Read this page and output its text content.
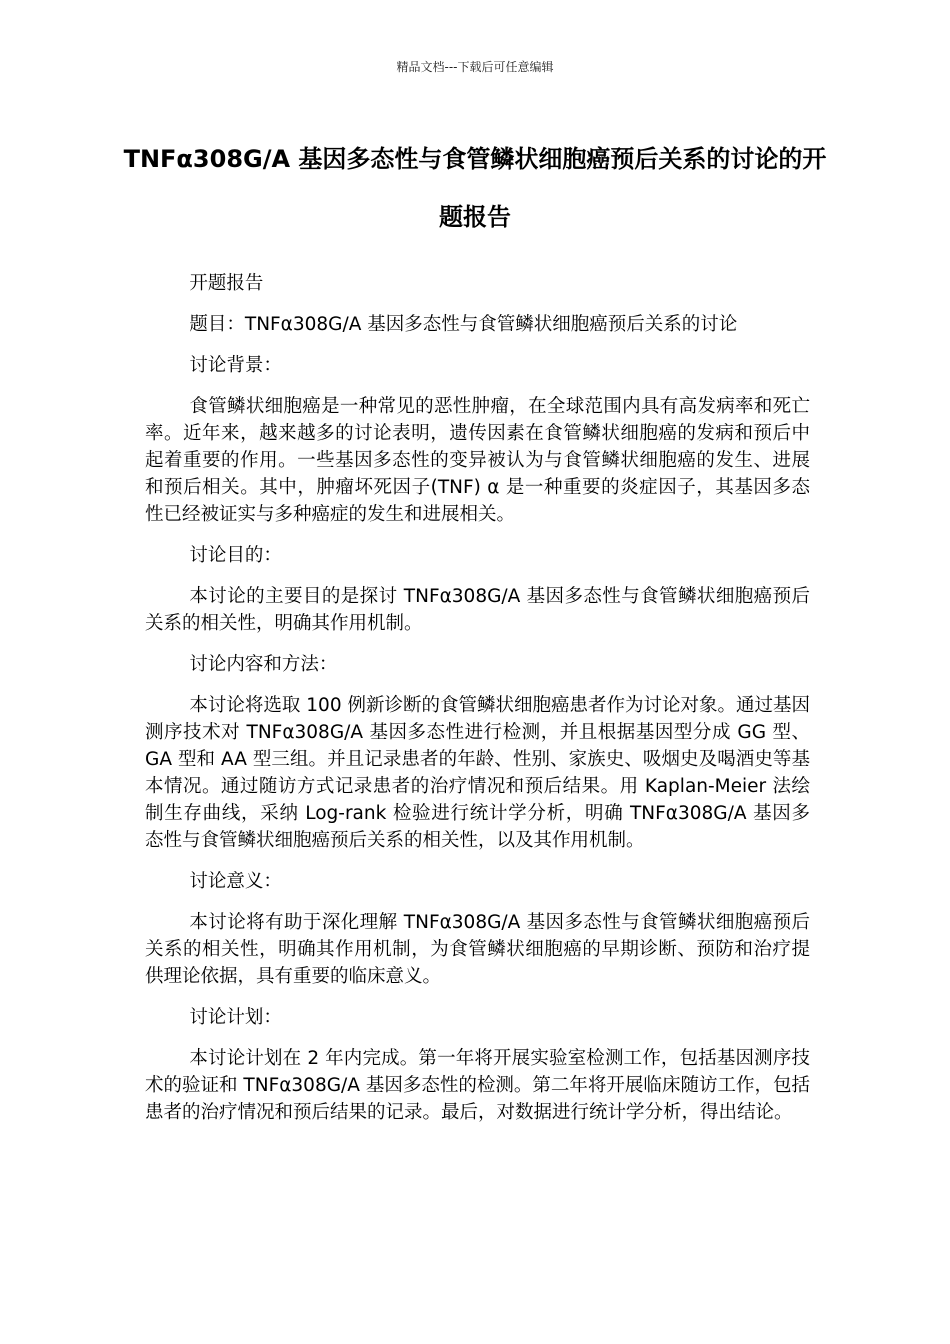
精品文档---下载后可任意编辑
TNFα308G/A 基因多态性与食管鳞状细胞癌预后关系的讨论的开题报告

开题报告

题目：TNFα308G/A 基因多态性与食管鳞状细胞癌预后关系的讨论

讨论背景：

食管鳞状细胞癌是一种常见的恶性肿瘤，在全球范围内具有高发病率和死亡率。近年来，越来越多的讨论表明，遗传因素在食管鳞状细胞癌的发病和预后中起着重要的作用。一些基因多态性的变异被认为与食管鳞状细胞癌的发生、进展和预后相关。其中，肿瘤坏死因子(TNF) α 是一种重要的炎症因子，其基因多态性已经被证实与多种癌症的发生和进展相关。

讨论目的：

本讨论的主要目的是探讨 TNFα308G/A 基因多态性与食管鳞状细胞癌预后关系的相关性，明确其作用机制。

讨论内容和方法：

本讨论将选取 100 例新诊断的食管鳞状细胞癌患者作为讨论对象。通过基因测序技术对 TNFα308G/A 基因多态性进行检测，并且根据基因型分成 GG 型、GA 型和 AA 型三组。并且记录患者的年龄、性别、家族史、吸烟史及喝酒史等基本情况。通过随访方式记录患者的治疗情况和预后结果。用 Kaplan-Meier 法绘制生存曲线，采纳 Log-rank 检验进行统计学分析，明确 TNFα308G/A 基因多态性与食管鳞状细胞癌预后关系的相关性，以及其作用机制。

讨论意义：

本讨论将有助于深化理解 TNFα308G/A 基因多态性与食管鳞状细胞癌预后关系的相关性，明确其作用机制，为食管鳞状细胞癌的早期诊断、预防和治疗提供理论依据，具有重要的临床意义。

讨论计划：

本讨论计划在 2 年内完成。第一年将开展实验室检测工作，包括基因测序技术的验证和 TNFα308G/A 基因多态性的检测。第二年将开展临床随访工作，包括患者的治疗情况和预后结果的记录。最后，对数据进行统计学分析，得出结论。
